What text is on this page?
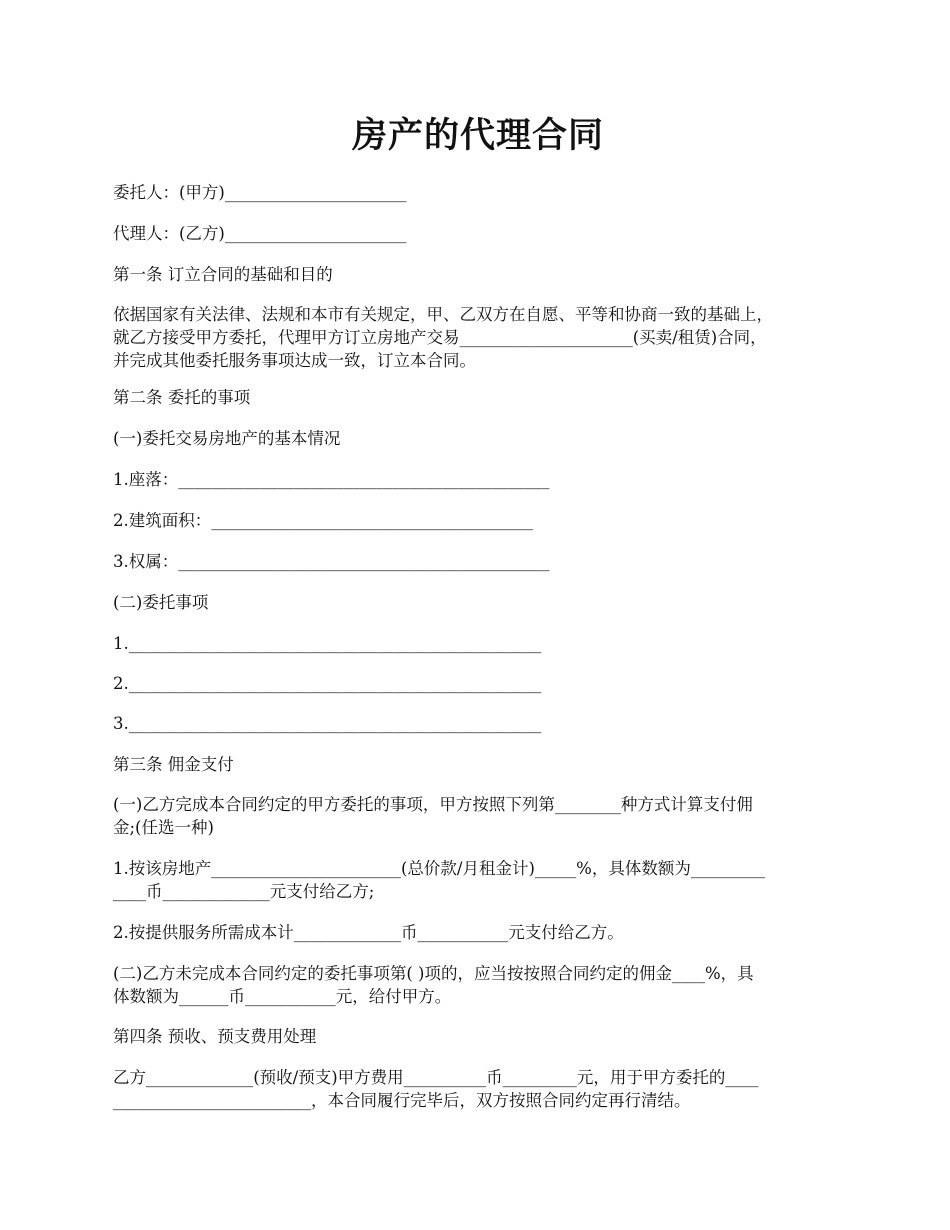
房产的代理合同

委托人：(甲方)______________________

代理人：(乙方)______________________

第一条 订立合同的基础和目的

依据国家有关法律、法规和本市有关规定，甲、乙双方在自愿、平等和协商一致的基础上，
就乙方接受甲方委托，代理甲方订立房地产交易_____________________(买卖/租赁)合同，
并完成其他委托服务事项达成一致，订立本合同。

第二条 委托的事项

(一)委托交易房地产的基本情况

1.座落：_____________________________________________

2.建筑面积：_______________________________________

3.权属：_____________________________________________

(二)委托事项

1.__________________________________________________

2.__________________________________________________

3.__________________________________________________

第三条 佣金支付

(一)乙方完成本合同约定的甲方委托的事项，甲方按照下列第________种方式计算支付佣
金;(任选一种)

1.按该房地产_______________________(总价款/月租金计)_____%，具体数额为_________
____币_____________元支付给乙方;

2.按提供服务所需成本计_____________币___________元支付给乙方。

(二)乙方未完成本合同约定的委托事项第( )项的，应当按按照合同约定的佣金____%，具
体数额为______币___________元，给付甲方。

第四条 预收、预支费用处理

乙方_____________(预收/预支)甲方费用__________币_________元，用于甲方委托的____
________________________，本合同履行完毕后，双方按照合同约定再行清结。
